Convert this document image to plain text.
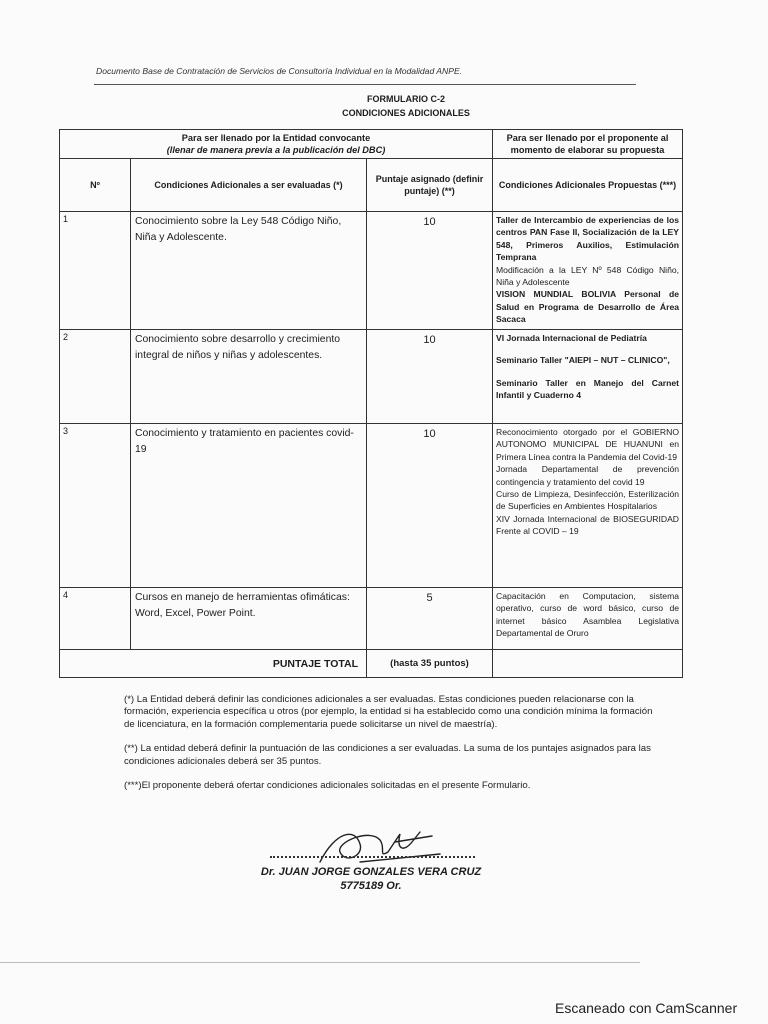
Documento Base de Contratación de Servicios de Consultoría Individual en la Modalidad ANPE.
FORMULARIO C-2
CONDICIONES ADICIONALES
Para ser llenado por la Entidad convocante
(llenar de manera previa a la publicación del DBC)			Para ser llenado por el proponente al momento de elaborar su propuesta
Nº	Condiciones Adicionales a ser evaluadas (*)	Puntaje asignado (definir puntaje) (**)	Condiciones Adicionales Propuestas (***)
1	Conocimiento sobre la Ley 548 Código Niño, Niña y Adolescente.	10	Taller de Intercambio de experiencias de los centros PAN Fase II, Socialización de la LEY 548, Primeros Auxilios, Estimulación Temprana

Modificación a la LEY Nº 548 Código Niño, Niña y Adolescente

VISION MUNDIAL BOLIVIA Personal de Salud en Programa de Desarrollo de Área Sacaca

2	Conocimiento sobre desarrollo y crecimiento integral de niños y niñas y adolescentes.	10	VI Jornada Internacional de Pediatría

Seminario Taller "AIEPI – NUT – CLINICO",

Seminario Taller en Manejo del Carnet Infantil y Cuaderno 4

3	Conocimiento y tratamiento en pacientes covid- 19	10	Reconocimiento otorgado por el GOBIERNO AUTONOMO MUNICIPAL DE HUANUNI en Primera Línea contra la Pandemia del Covid-19

Jornada Departamental de prevención contingencia y tratamiento del covid 19

Curso de Limpieza, Desinfección, Esterilización de Superficies en Ambientes Hospitalarios

XIV Jornada Internacional de BIOSEGURIDAD Frente al COVID – 19

4	Cursos en manejo de herramientas ofimáticas: Word, Excel, Power Point.	5	Capacitación en Computacion, sistema operativo, curso de word básico, curso de internet básico Asamblea Legislativa Departamental de Oruro

PUNTAJE TOTAL		(hasta 35 puntos)	

(*) La Entidad deberá definir las condiciones adicionales a ser evaluadas. Estas condiciones pueden relacionarse con la formación, experiencia específica u otros (por ejemplo, la entidad si ha establecido como una condición mínima la formación de licenciatura, en la formación complementaria puede solicitarse un nivel de maestría).

(**) La entidad deberá definir la puntuación de las condiciones a ser evaluadas. La suma de los puntajes asignados para las condiciones adicionales deberá ser 35 puntos.

(***)El proponente deberá ofertar condiciones adicionales solicitadas en el presente Formulario.

Dr. JUAN JORGE GONZALES VERA CRUZ
5775189 Or.
Escaneado con CamScanner
